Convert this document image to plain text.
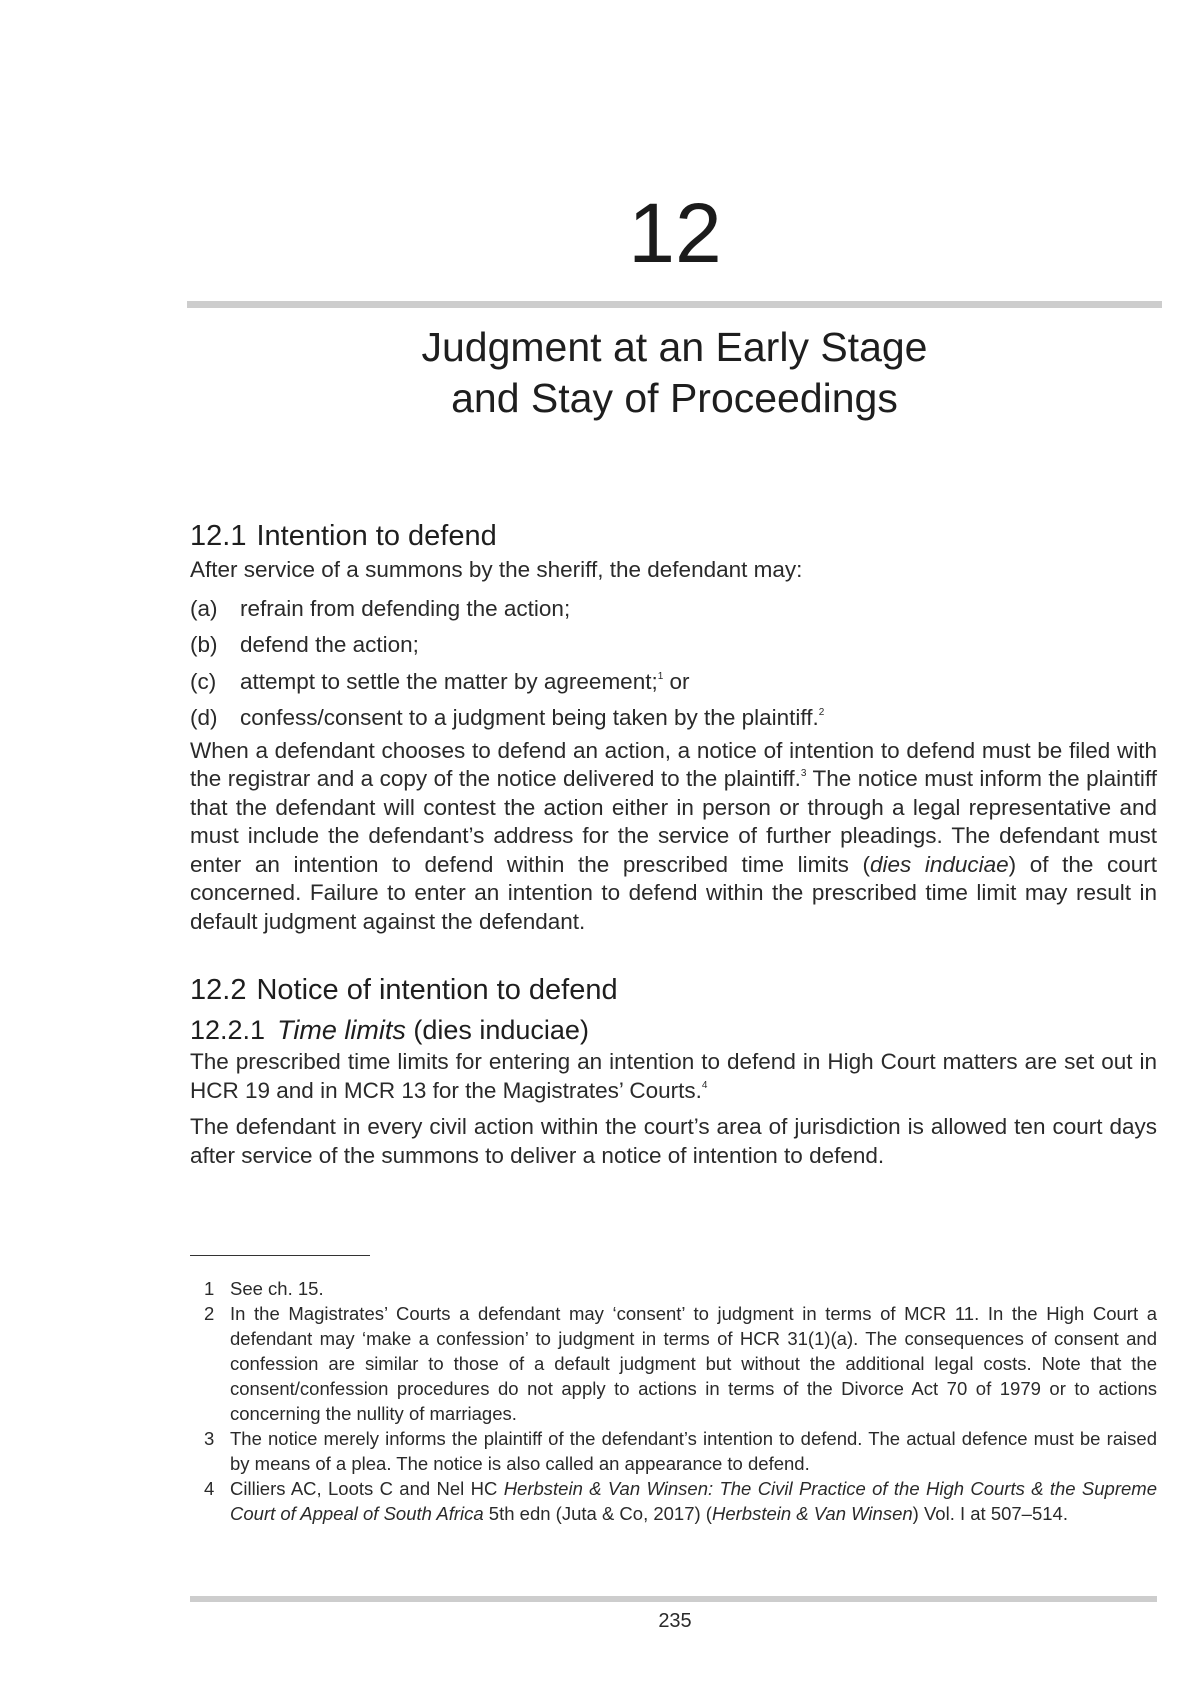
12
Judgment at an Early Stage
and Stay of Proceedings
12.1 Intention to defend

After service of a summons by the sheriff, the defendant may:

(a) refrain from defending the action;
(b) defend the action;
(c) attempt to settle the matter by agreement;$^1$ or
(d) confess/consent to a judgment being taken by the plaintiff.$^2$

When a defendant chooses to defend an action, a notice of intention to defend must be filed with the registrar and a copy of the notice delivered to the plaintiff.$^3$ The notice must inform the plaintiff that the defendant will contest the action either in person or through a legal representative and must include the defendant’s address for the service of further pleadings. The defendant must enter an intention to defend within the prescribed time limits (dies induciae) of the court concerned. Failure to enter an intention to defend within the prescribed time limit may result in default judgment against the defendant.

12.2 Notice of intention to defend
12.2.1 Time limits (dies induciae)

The prescribed time limits for entering an intention to defend in High Court matters are set out in HCR 19 and in MCR 13 for the Magistrates’ Courts.$^4$

The defendant in every civil action within the court’s area of jurisdiction is allowed ten court days after service of the summons to deliver a notice of intention to defend.

1 See ch. 15.
2 In the Magistrates’ Courts a defendant may ‘consent’ to judgment in terms of MCR 11. In the High Court a defendant may ‘make a confession’ to judgment in terms of HCR 31(1)(a). The consequences of consent and confession are similar to those of a default judgment but without the additional legal costs. Note that the consent/confession procedures do not apply to actions in terms of the Divorce Act 70 of 1979 or to actions concerning the nullity of marriages.
3 The notice merely informs the plaintiff of the defendant’s intention to defend. The actual defence must be raised by means of a plea. The notice is also called an appearance to defend.
4 Cilliers AC, Loots C and Nel HC Herbstein & Van Winsen: The Civil Practice of the High Courts & the Supreme Court of Appeal of South Africa 5th edn (Juta & Co, 2017) (Herbstein & Van Winsen) Vol. I at 507–514.
235
